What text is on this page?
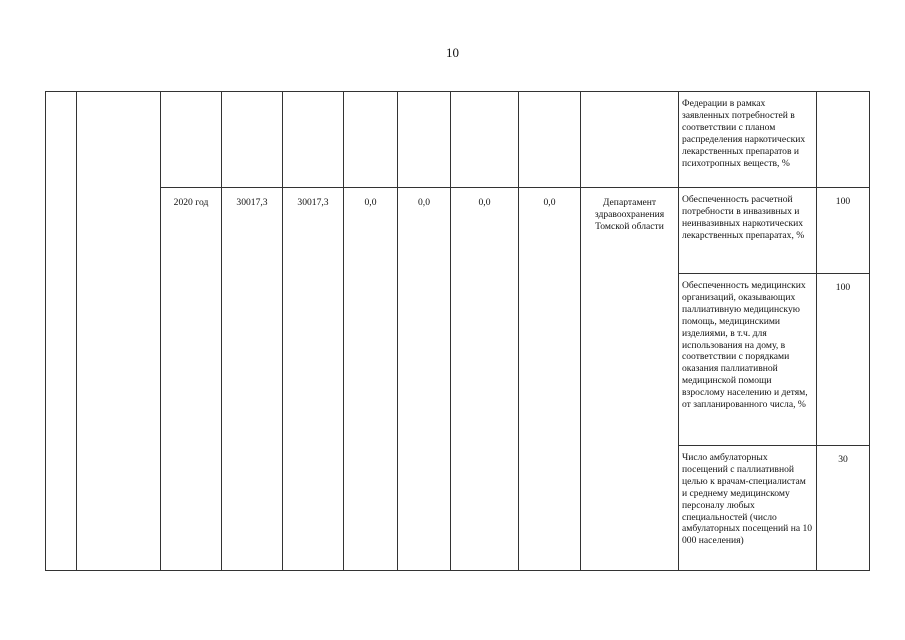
10

										Федерации в рамках заявленных потребностей в соответствии с планом распределения наркотических лекарственных препаратов и психотропных веществ, %	

		2020 год	30017,3	30017,3	0,0	0,0	0,0	0,0	Департамент здравоохранения Томской области	Обеспеченность расчетной потребности в инвазивных и неинвазивных наркотических лекарственных препаратах, %	100

										Обеспеченность медицинских организаций, оказывающих паллиативную медицинскую помощь, медицинскими изделиями, в т.ч. для использования на дому, в соответствии с порядками оказания паллиативной медицинской помощи взрослому населению и детям, от запланированного числа, %	100

										Число амбулаторных посещений с паллиативной целью к врачам-специалистам и среднему медицинскому персоналу любых специальностей (число амбулаторных посещений на 10 000 населения)	30
